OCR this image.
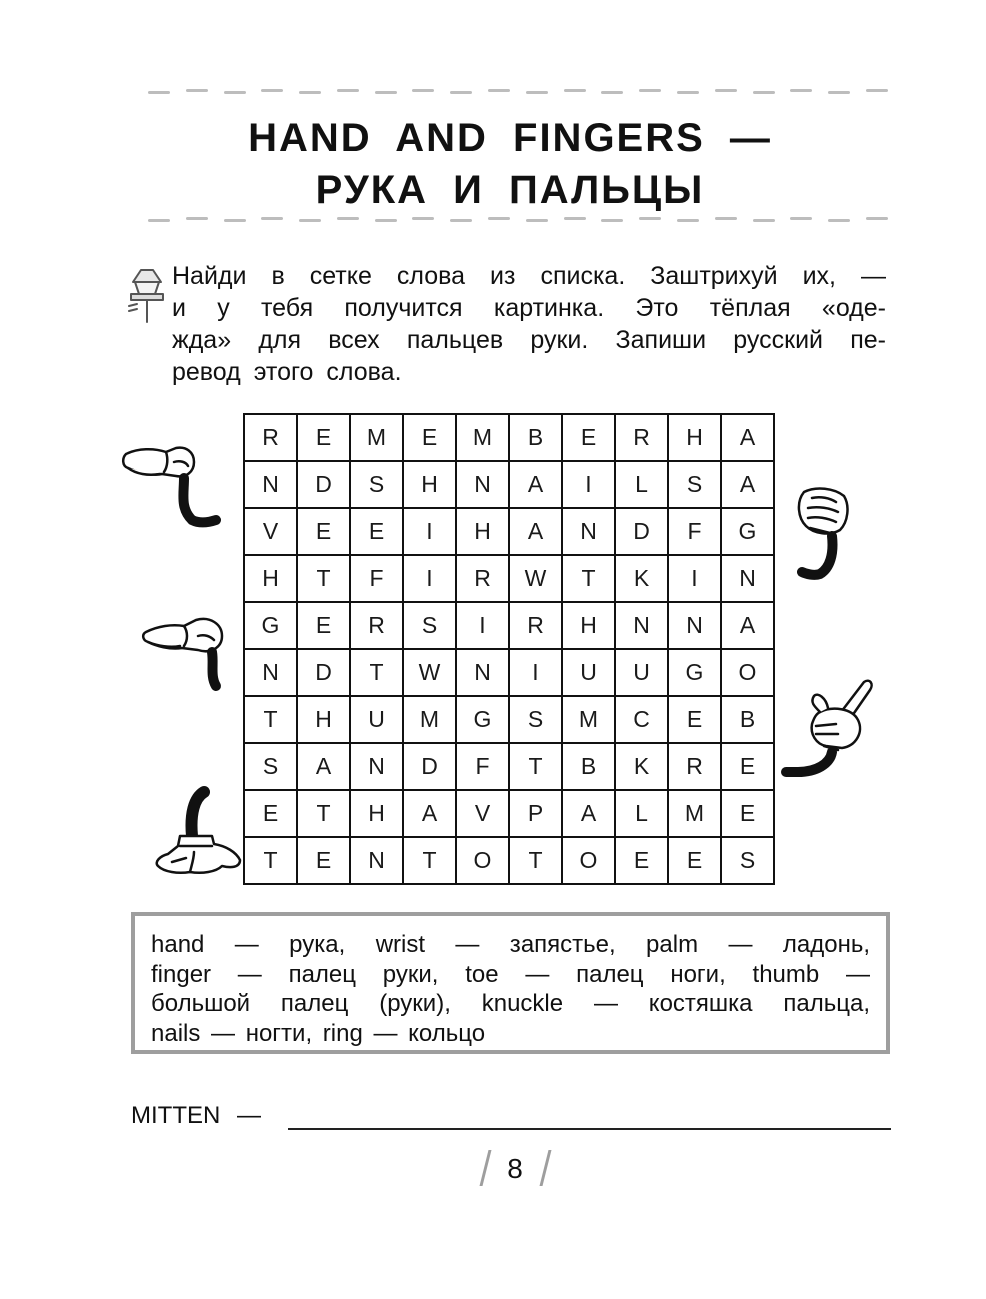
HAND AND FINGERS —
РУКА И ПАЛЬЦЫ
Найди в сетке слова из списка. Заштрихуй их, —
и у тебя получится картинка. Это тёплая «оде-
жда» для всех пальцев руки. Запиши русский пе-
ревод этого слова.
R	E	M	E	M	B	E	R	H	A
N	D	S	H	N	A	I	L	S	A
V	E	E	I	H	A	N	D	F	G
H	T	F	I	R	W	T	K	I	N
G	E	R	S	I	R	H	N	N	A
N	D	T	W	N	I	U	U	G	O
T	H	U	M	G	S	M	C	E	B
S	A	N	D	F	T	B	K	R	E
E	T	H	A	V	P	A	L	M	E
T	E	N	T	O	T	O	E	E	S
hand — рука, wrist — запястье, palm — ладонь,
finger — палец руки, toe — палец ноги, thumb —
большой палец (руки), knuckle — костяшка пальца,
nails — ногти, ring — кольцо
MITTEN —
8
